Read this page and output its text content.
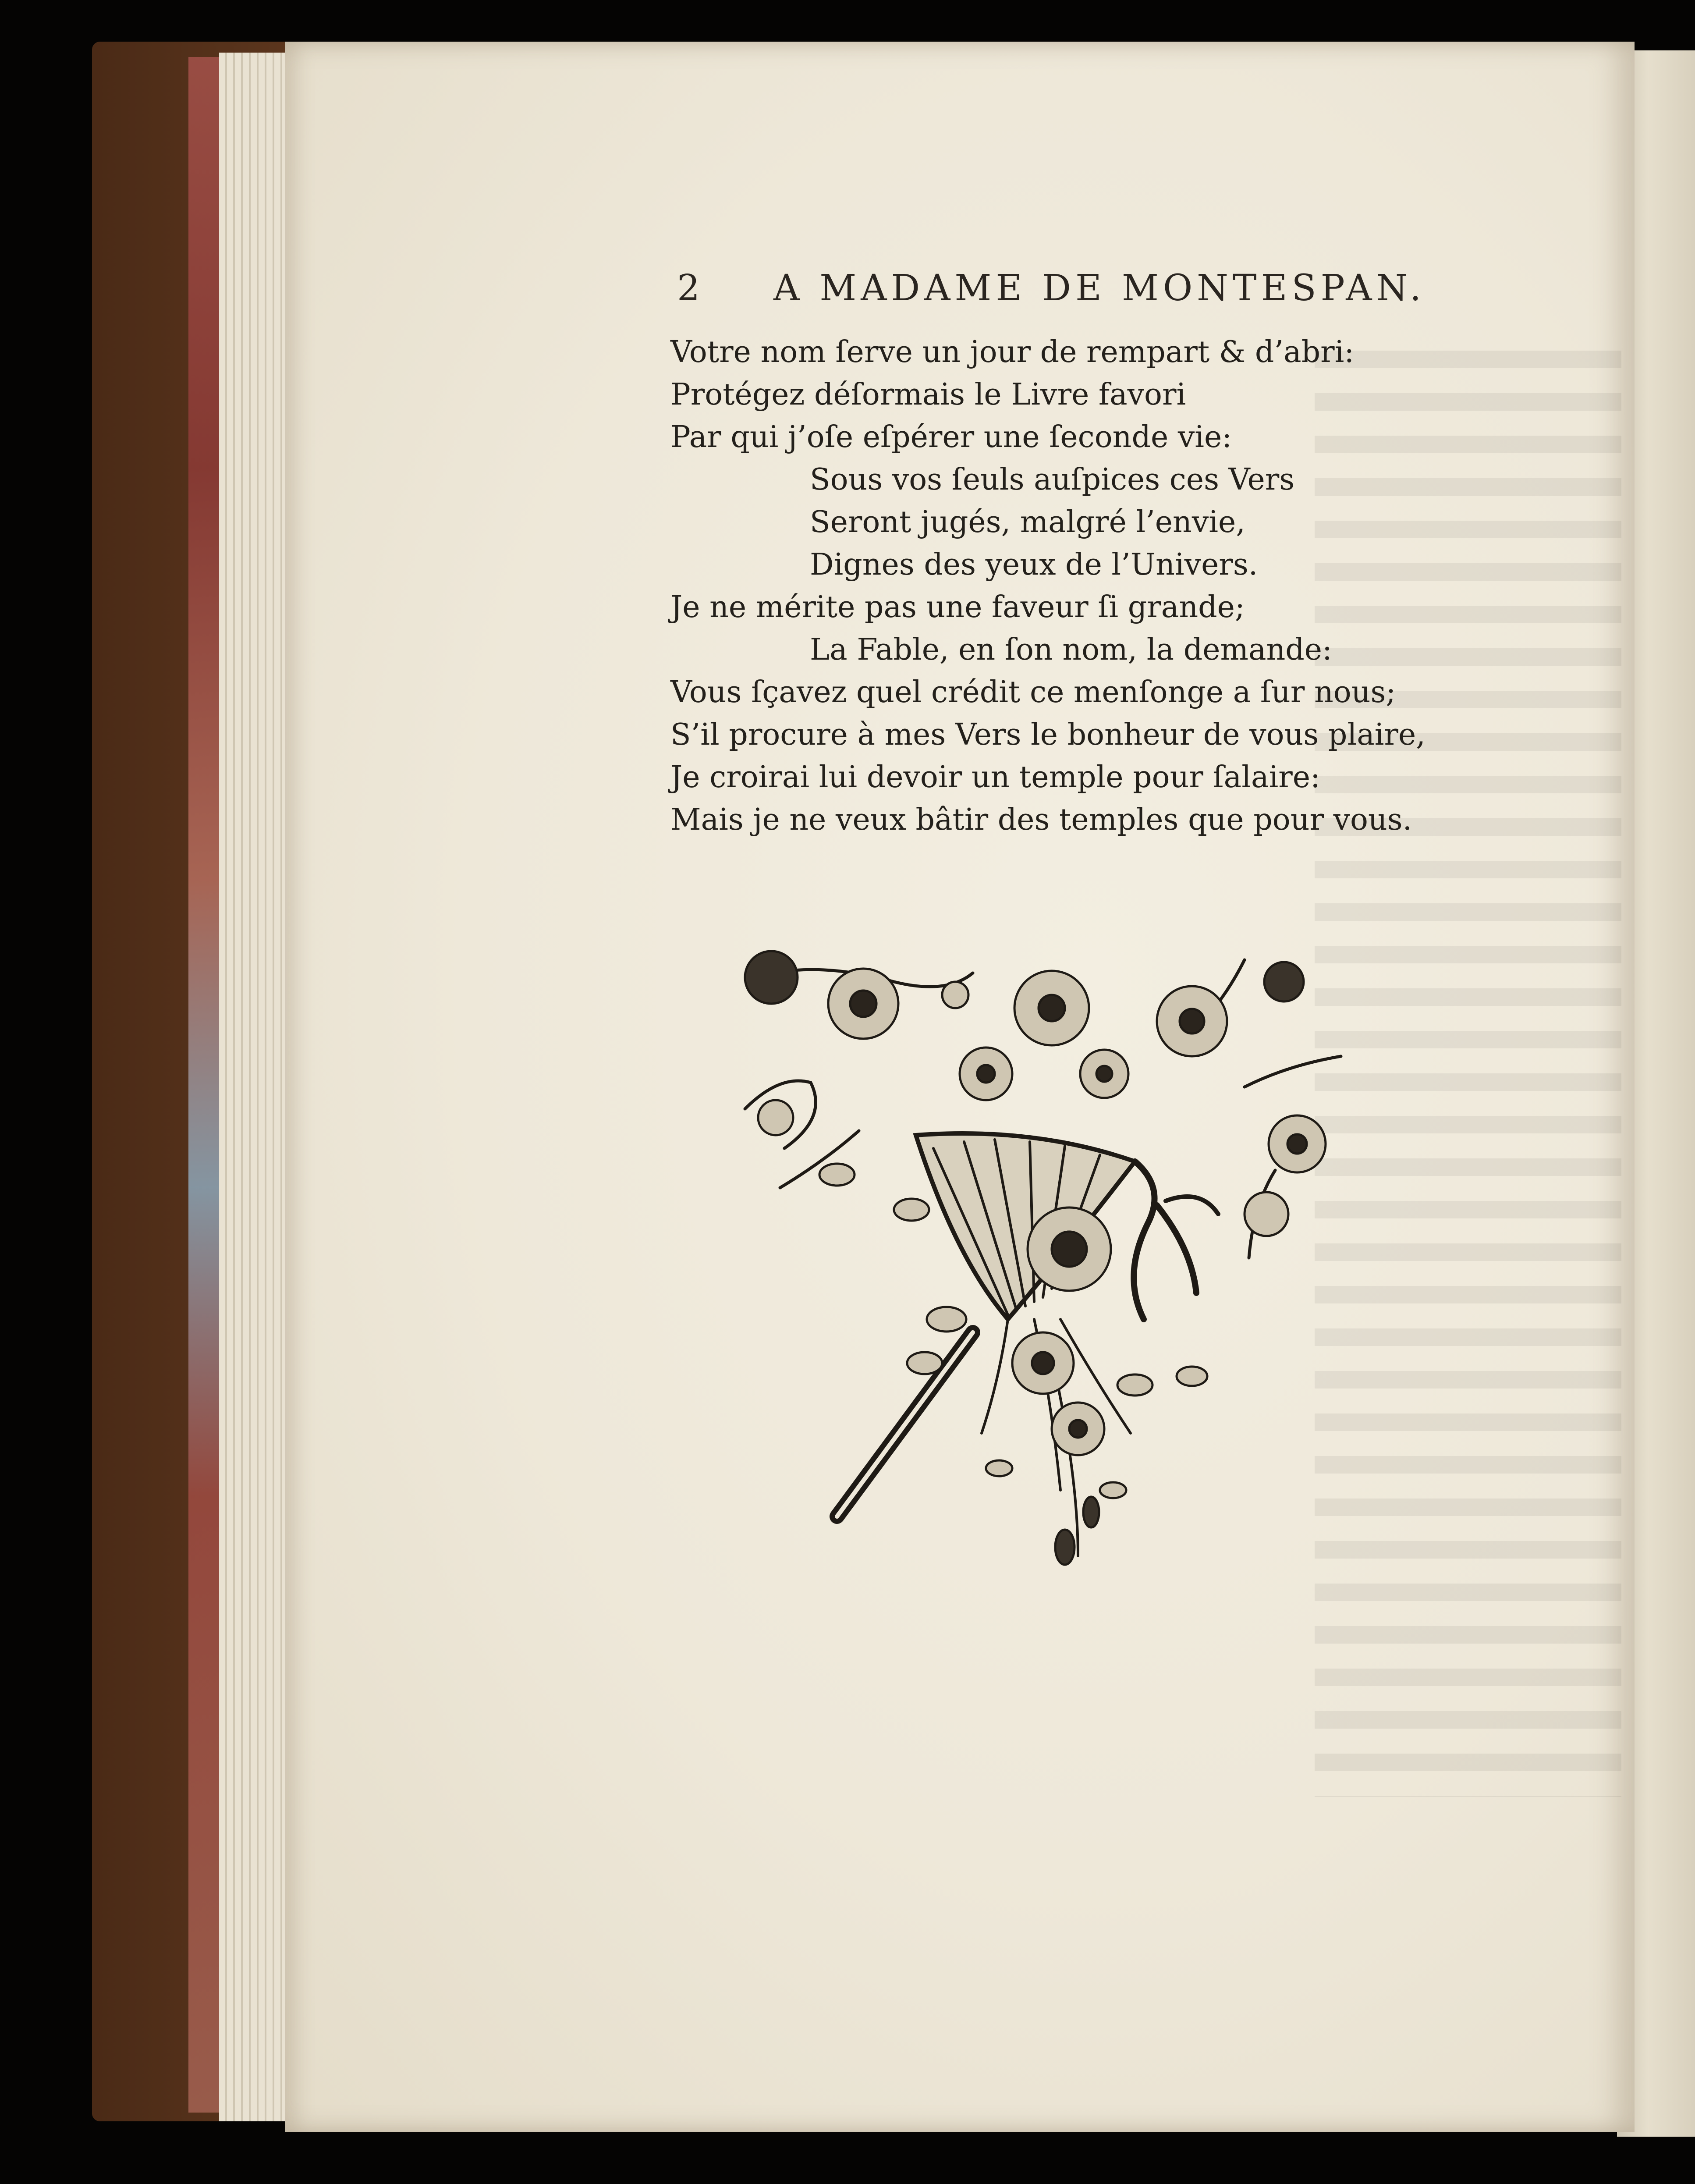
2 A MADAME DE MONTESPAN.
Votre nom ſerve un jour de rempart & d’abri:
Protégez déſormais le Livre favori
Par qui j’oſe eſpérer une ſeconde vie:
Sous vos ſeuls auſpices ces Vers
Seront jugés, malgré l’envie,
Dignes des yeux de l’Univers.
Je ne mérite pas une faveur ſi grande;
La Fable, en ſon nom, la demande:
Vous ſçavez quel crédit ce menſonge a ſur nous;
S’il procure à mes Vers le bonheur de vous plaire,
Je croirai lui devoir un temple pour ſalaire:
Mais je ne veux bâtir des temples que pour vous.
